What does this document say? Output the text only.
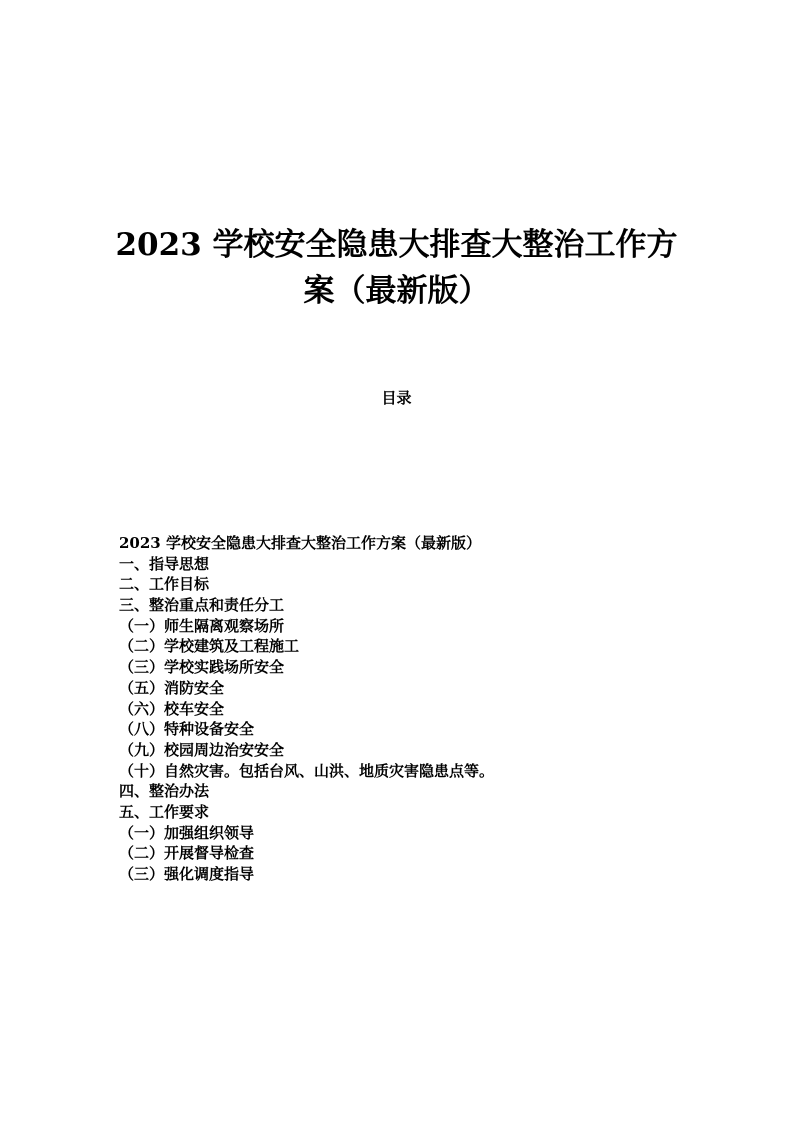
2023 学校安全隐患大排查大整治工作方
案（最新版）
目录
2023 学校安全隐患大排查大整治工作方案（最新版）
一、指导思想
二、工作目标
三、整治重点和责任分工
（一）师生隔离观察场所
（二）学校建筑及工程施工
（三）学校实践场所安全
（五）消防安全
（六）校车安全
（八）特种设备安全
（九）校园周边治安安全
（十）自然灾害。包括台风、山洪、地质灾害隐患点等。
四、整治办法
五、工作要求
（一）加强组织领导
（二）开展督导检查
（三）强化调度指导
